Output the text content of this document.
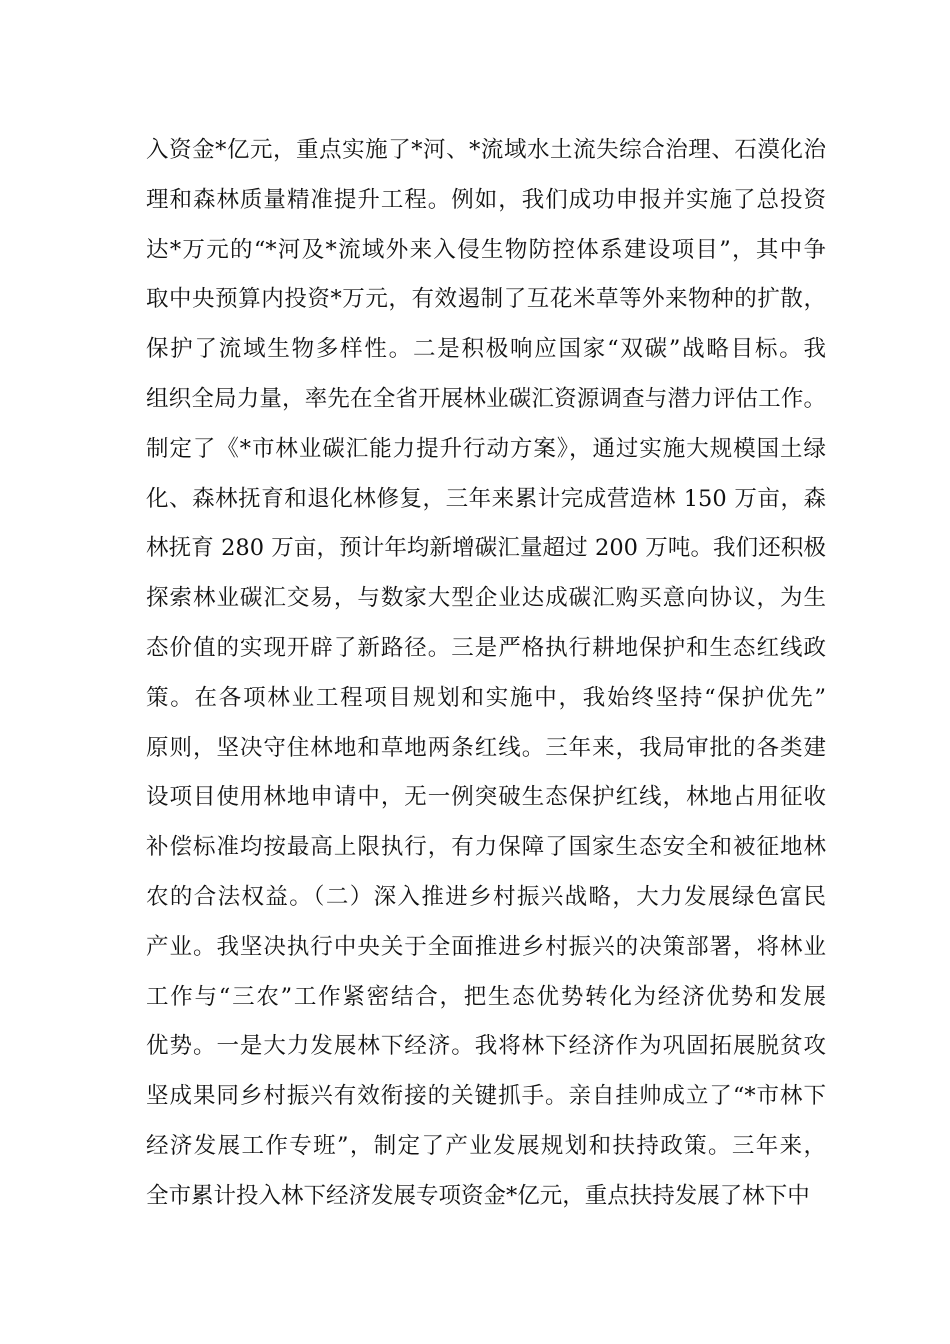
入资金*亿元，重点实施了*河、*流域水土流失综合治理、石漠化治
理和森林质量精准提升工程。例如，我们成功申报并实施了总投资
达*万元的“*河及*流域外来入侵生物防控体系建设项目”，其中争
取中央预算内投资*万元，有效遏制了互花米草等外来物种的扩散，
保护了流域生物多样性。二是积极响应国家“双碳”战略目标。我
组织全局力量，率先在全省开展林业碳汇资源调查与潜力评估工作。
制定了《*市林业碳汇能力提升行动方案》，通过实施大规模国土绿
化、森林抚育和退化林修复，三年来累计完成营造林 150 万亩，森
林抚育 280 万亩，预计年均新增碳汇量超过 200 万吨。我们还积极
探索林业碳汇交易，与数家大型企业达成碳汇购买意向协议，为生
态价值的实现开辟了新路径。三是严格执行耕地保护和生态红线政
策。在各项林业工程项目规划和实施中，我始终坚持“保护优先”
原则，坚决守住林地和草地两条红线。三年来，我局审批的各类建
设项目使用林地申请中，无一例突破生态保护红线，林地占用征收
补偿标准均按最高上限执行，有力保障了国家生态安全和被征地林
农的合法权益。（二）深入推进乡村振兴战略，大力发展绿色富民
产业。我坚决执行中央关于全面推进乡村振兴的决策部署，将林业
工作与“三农”工作紧密结合，把生态优势转化为经济优势和发展
优势。一是大力发展林下经济。我将林下经济作为巩固拓展脱贫攻
坚成果同乡村振兴有效衔接的关键抓手。亲自挂帅成立了“*市林下
经济发展工作专班”，制定了产业发展规划和扶持政策。三年来，
全市累计投入林下经济发展专项资金*亿元，重点扶持发展了林下中
